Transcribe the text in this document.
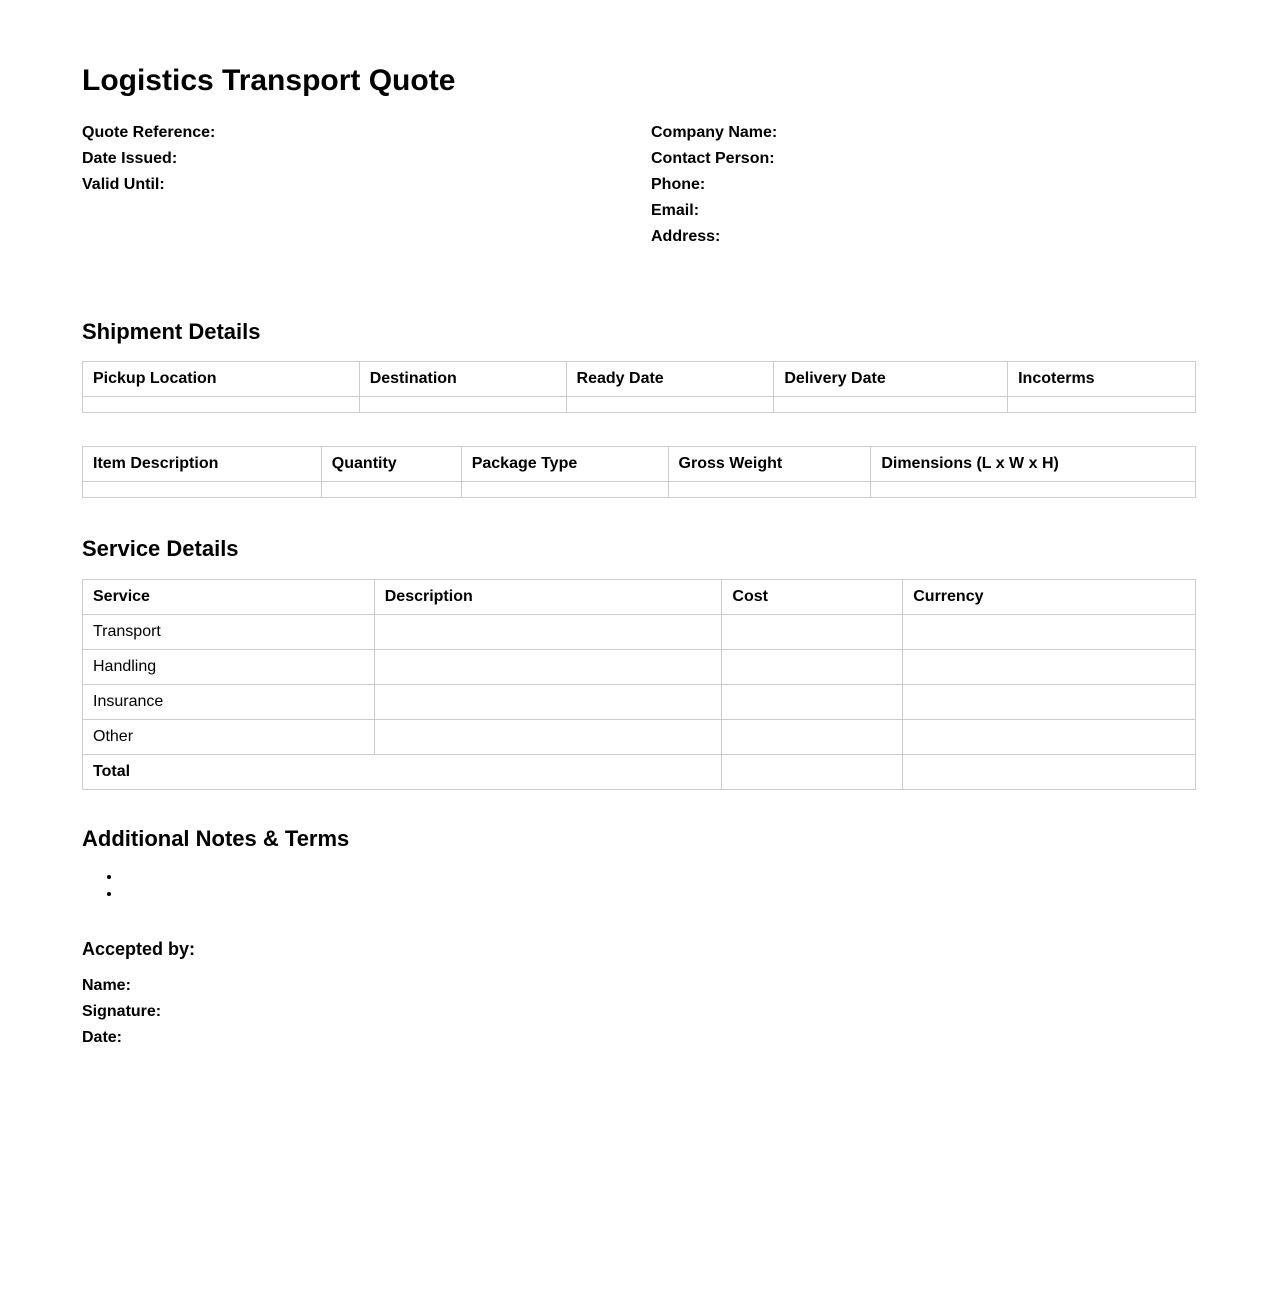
Logistics Transport Quote
Quote Reference:
Date Issued:
Valid Until:
Company Name:
Contact Person:
Phone:
Email:
Address:
Shipment Details
Pickup Location	Destination	Ready Date	Delivery Date	Incoterms

Item Description	Quantity	Package Type	Gross Weight	Dimensions (L x W x H)

Service Details
Service	Description	Cost	Currency
Transport			
Handling			
Insurance			
Other			
Total			
Additional Notes & Terms
Accepted by:
Name:
Signature:
Date:
